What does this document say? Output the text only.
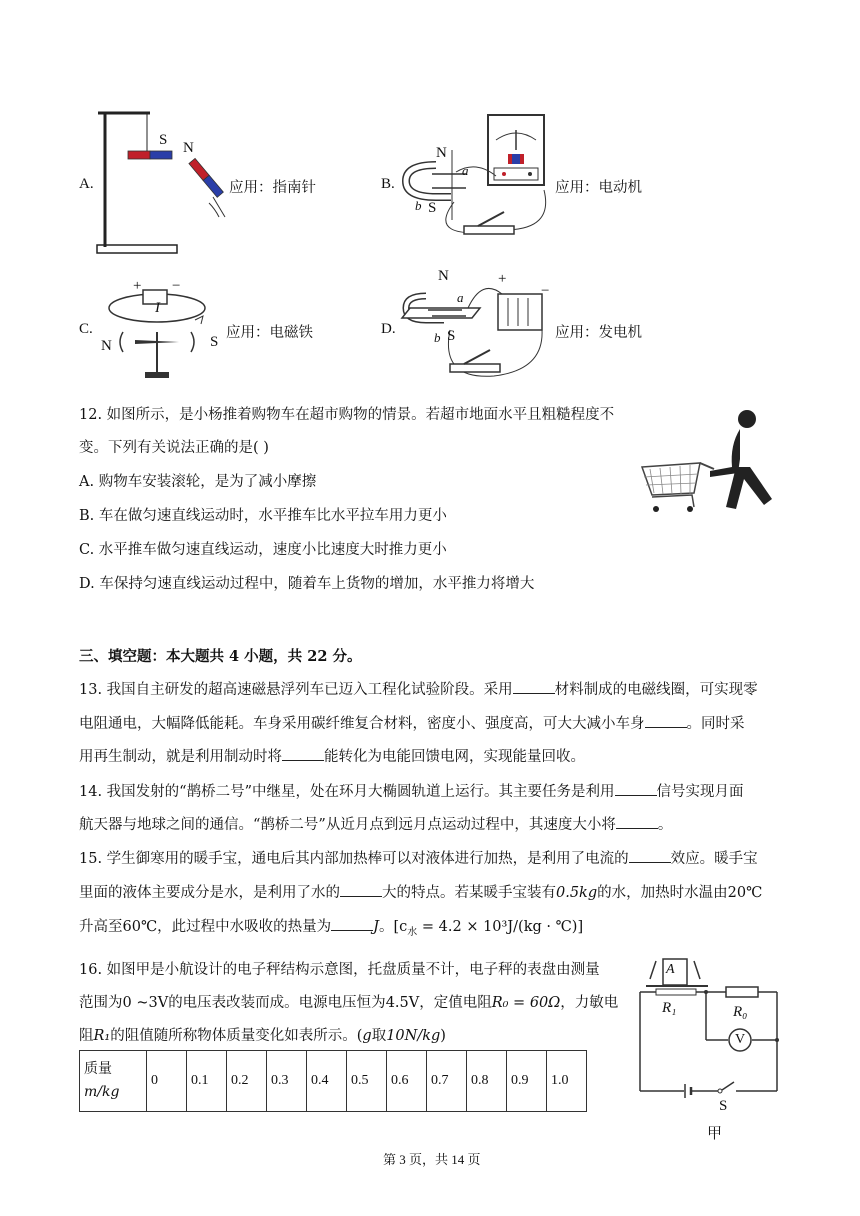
A.
S N
应用：指南针	B.
N
S
a
b
应用：电动机
C.
+ −
I
N	S
应用：电磁铁	D.
N
S
a
b
+
−
应用：发电机
12. 如图所示，是小杨推着购物车在超市购物的情景。若超市地面水平且粗糙程度不
变。下列有关说法正确的是( )
A. 购物车安装滚轮，是为了减小摩擦
B. 车在做匀速直线运动时，水平推车比水平拉车用力更小
C. 水平推车做匀速直线运动，速度小比速度大时推力更小
D. 车保持匀速直线运动过程中，随着车上货物的增加，水平推力将增大
三、填空题：本大题共 4 小题，共 22 分。
13. 我国自主研发的超高速磁悬浮列车已迈入工程化试验阶段。采用	材料制成的电磁线圈，可实现零
电阻通电，大幅降低能耗。车身采用碳纤维复合材料，密度小、强度高，可大大减小车身	。同时采
用再生制动，就是利用制动时将	能转化为电能回馈电网，实现能量回收。
14. 我国发射的“鹊桥二号”中继星，处在环月大椭圆轨道上运行。其主要任务是利用	信号实现月面
航天器与地球之间的通信。“鹊桥二号”从近月点到远月点运动过程中，其速度大小将	。
15. 学生御寒用的暖手宝，通电后其内部加热棒可以对液体进行加热，是利用了电流的	效应。暖手宝
里面的液体主要成分是水，是利用了水的	大的特点。若某暖手宝装有0.5kg的水，加热时水温由20℃
升高至60℃，此过程中水吸收的热量为	J。[$c_水 = 4.2 \times 10^3J/(kg$ · ℃)]
16. 如图甲是小航设计的电子秤结构示意图，托盘质量不计，电子秤的表盘由测量
范围为0 ~3V的电压表改装而成。电源电压恒为4.5V，定值电阻R₀ = 60Ω，力敏电
阻R₁的阻值随所称物体质量变化如表所示。(g取10N/kg)
质量
m/kg
	0	0.1	0.2	0.3	0.4	0.5	0.6	0.7	0.8	0.9	1.0
A
R₁	R₀
V
S
甲
第 3 页，共 14 页
